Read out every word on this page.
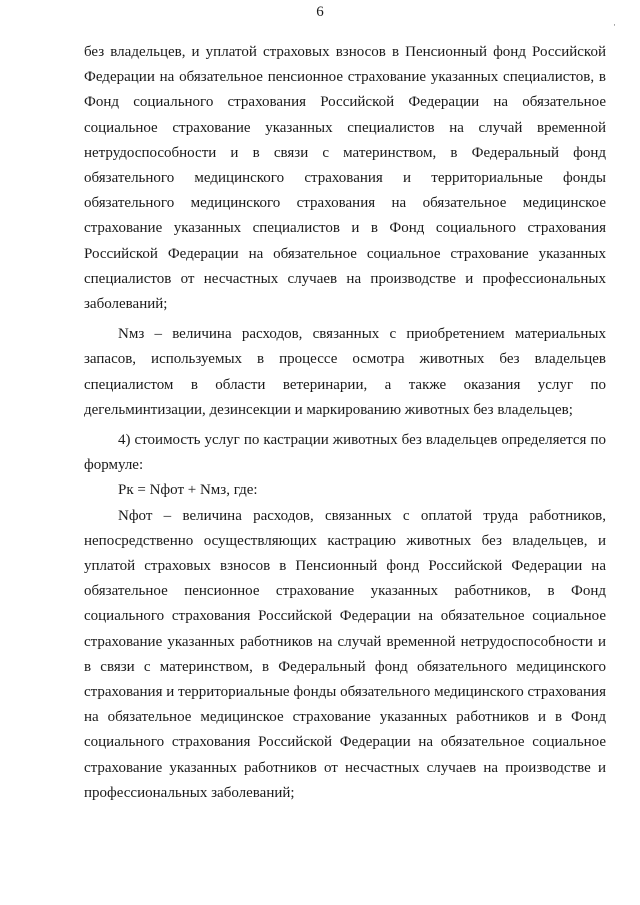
6
·

без владельцев, и уплатой страховых взносов в Пенсионный фонд Российской Федерации на обязательное пенсионное страхование указанных специалистов, в Фонд социального страхования Российской Федерации на обязательное социальное страхование указанных специалистов на случай временной нетрудоспособности и в связи с материнством, в Федеральный фонд обязательного медицинского страхования и территориальные фонды обязательного медицинского страхования на обязательное медицинское страхование указанных специалистов и в Фонд социального страхования Российской Федерации на обязательное социальное страхование указанных специалистов от несчастных случаев на производстве и профессиональных заболеваний;

Nмз – величина расходов, связанных с приобретением материальных запасов, используемых в процессе осмотра животных без владельцев специалистом в области ветеринарии, а также оказания услуг по дегельминтизации, дезинсекции и маркированию животных без владельцев;

4) стоимость услуг по кастрации животных без владельцев определяется по формуле:

Рк = Nфот + Nмз, где:

Nфот – величина расходов, связанных с оплатой труда работников, непосредственно осуществляющих кастрацию животных без владельцев, и уплатой страховых взносов в Пенсионный фонд Российской Федерации на обязательное пенсионное страхование указанных работников, в Фонд социального страхования Российской Федерации на обязательное социальное страхование указанных работников на случай временной нетрудоспособности и в связи с материнством, в Федеральный фонд обязательного медицинского страхования и территориальные фонды обязательного медицинского страхования на обязательное медицинское страхование указанных работников и в Фонд социального страхования Российской Федерации на обязательное социальное страхование указанных работников от несчастных случаев на производстве и профессиональных заболеваний;
